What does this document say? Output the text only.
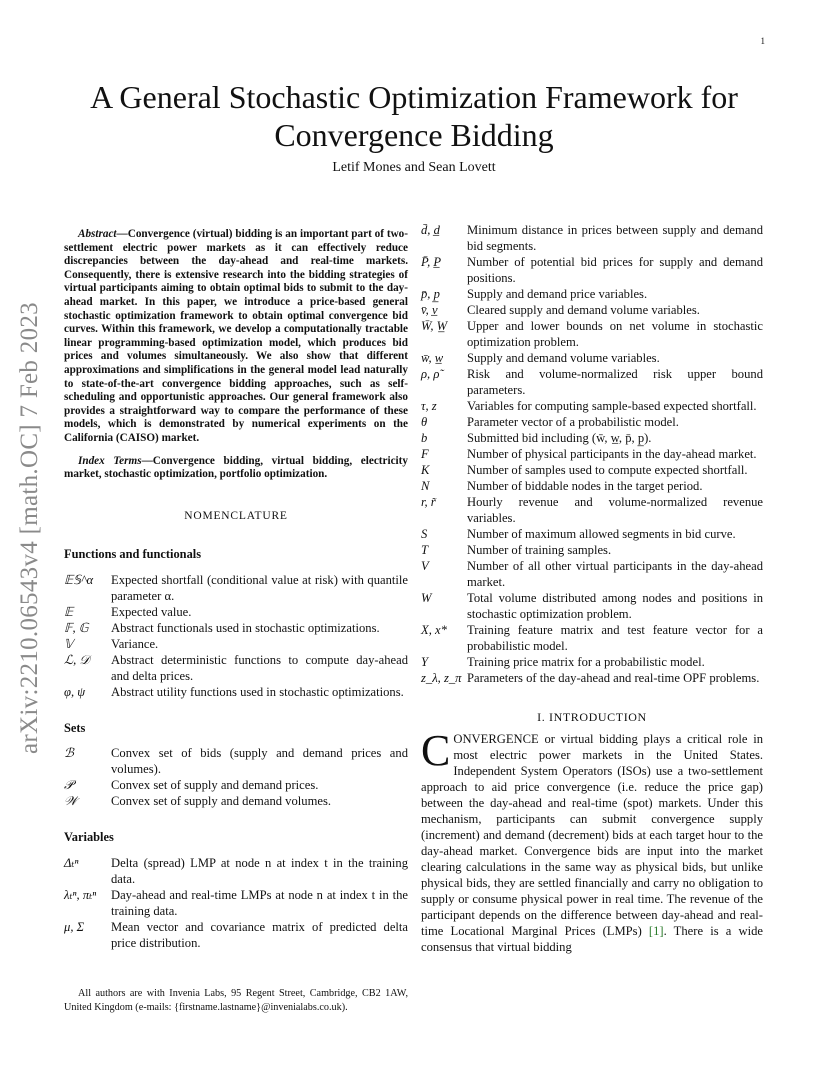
1
arXiv:2210.06543v4 [math.OC] 7 Feb 2023
A General Stochastic Optimization Framework for Convergence Bidding
Letif Mones and Sean Lovett

Abstract—Convergence (virtual) bidding is an important part of two-settlement electric power markets as it can effectively reduce discrepancies between the day-ahead and real-time markets. Consequently, there is extensive research into the bidding strategies of virtual participants aiming to obtain optimal bids to submit to the day-ahead market. In this paper, we introduce a price-based general stochastic optimization framework to obtain optimal convergence bid curves. Within this framework, we develop a computationally tractable linear programming-based optimization model, which produces bid prices and volumes simultaneously. We also show that different approximations and simplifications in the general model lead naturally to state-of-the-art convergence bidding approaches, such as self-scheduling and opportunistic approaches. Our general framework also provides a straightforward way to compare the performance of these models, which is demonstrated by numerical experiments on the California (CAISO) market.

Index Terms—Convergence bidding, virtual bidding, electricity market, stochastic optimization, portfolio optimization.

NOMENCLATURE
Functions and functionals
𝔼𝕊^α	Expected shortfall (conditional value at risk) with quantile parameter α.
𝔼	Expected value.
𝔽, 𝔾	Abstract functionals used in stochastic optimizations.
𝕍	Variance.
ℒ, 𝒟	Abstract deterministic functions to compute day-ahead and delta prices.
φ, ψ	Abstract utility functions used in stochastic optimizations.
Sets
ℬ	Convex set of bids (supply and demand prices and volumes).
𝒫	Convex set of supply and demand prices.
𝒲	Convex set of supply and demand volumes.
Variables
Δₜⁿ	Delta (spread) LMP at node n at index t in the training data.
λₜⁿ, πₜⁿ	Day-ahead and real-time LMPs at node n at index t in the training data.
μ, Σ	Mean vector and covariance matrix of predicted delta price distribution.
d̄, d̲	Minimum distance in prices between supply and demand bid segments.
P̄, P̲	Number of potential bid prices for supply and demand positions.
p̄, p̲	Supply and demand price variables.
v̄, v̲	Cleared supply and demand volume variables.
W̄, W̲	Upper and lower bounds on net volume in stochastic optimization problem.
w̄, w̲	Supply and demand volume variables.
ρ, ρ̃	Risk and volume-normalized risk upper bound parameters.
τ, z	Variables for computing sample-based expected shortfall.
θ	Parameter vector of a probabilistic model.
b	Submitted bid including (w̄, w̲, p̄, p̲).
F	Number of physical participants in the day-ahead market.
K	Number of samples used to compute expected shortfall.
N	Number of biddable nodes in the target period.
r, r̃	Hourly revenue and volume-normalized revenue variables.
S	Number of maximum allowed segments in bid curve.
T	Number of training samples.
V	Number of all other virtual participants in the day-ahead market.
W	Total volume distributed among nodes and positions in stochastic optimization problem.
X, x*	Training feature matrix and test feature vector for a probabilistic model.
Y	Training price matrix for a probabilistic model.
z_λ, z_π Parameters of the day-ahead and real-time OPF problems.
I. INTRODUCTION

CONVERGENCE or virtual bidding plays a critical role in most electric power markets in the United States. Independent System Operators (ISOs) use a two-settlement approach to aid price convergence (i.e. reduce the price gap) between the day-ahead and real-time (spot) markets. Under this mechanism, participants can submit convergence supply (increment) and demand (decrement) bids at each target hour to the day-ahead market. Convergence bids are input into the market clearing calculations in the same way as physical bids, but unlike physical bids, they are settled financially and carry no obligation to supply or consume physical power in real time. The revenue of the participant depends on the difference between day-ahead and real-time Locational Marginal Prices (LMPs) [1]. There is a wide consensus that virtual bidding

All authors are with Invenia Labs, 95 Regent Street, Cambridge, CB2 1AW, United Kingdom (e-mails: {firstname.lastname}@invenialabs.co.uk).
